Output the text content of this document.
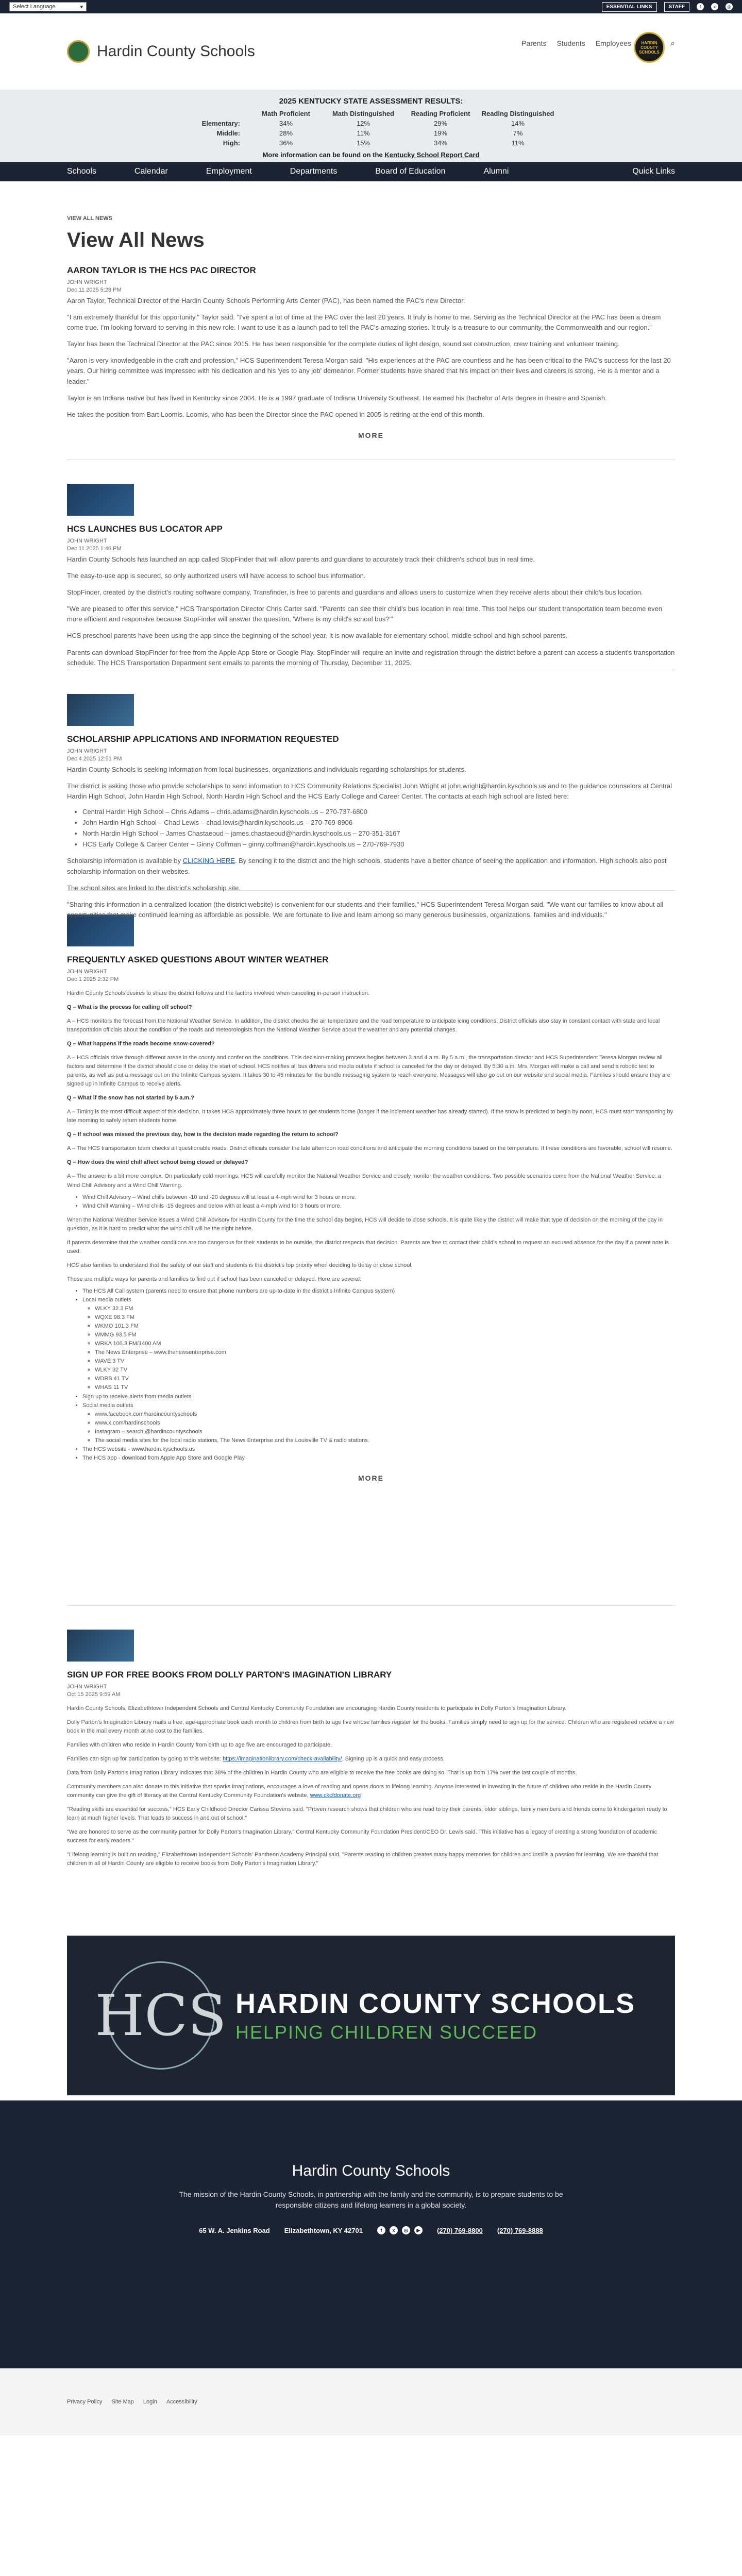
Select Language	▾	ESSENTIAL LINKS	STAFF	f	x	◎
Hardin County Schools	Parents Students Employees	HARDIN COUNTY SCHOOLS
⌕
2025 KENTUCKY STATE ASSESSMENT RESULTS:
	Math Proficient	Math Distinguished	Reading Proficient	Reading Distinguished
Elementary:	34%	12%	29%	14%
Middle:	28%	11%	19%	7%
High:	36%	15%	34%	11%
More information can be found on the Kentucky School Report Card
Schools	Calendar	Employment	Departments	Board of Education	Alumni	Quick Links
VIEW ALL NEWS
View All News
AARON TAYLOR IS THE HCS PAC DIRECTOR
JOHN WRIGHT
Dec 11 2025 5:28 PM
Aaron Taylor, Technical Director of the Hardin County Schools Performing Arts Center (PAC), has been named the PAC's new Director.
"I am extremely thankful for this opportunity," Taylor said. "I've spent a lot of time at the PAC over the last 20 years. It truly is home to me. Serving as the Technical Director at the PAC has been a dream come true. I'm looking forward to serving in this new role. I want to use it as a launch pad to tell the PAC's amazing stories. It truly is a treasure to our community, the Commonwealth and our region."
Taylor has been the Technical Director at the PAC since 2015. He has been responsible for the complete duties of light design, sound set construction, crew training and volunteer training.
"Aaron is very knowledgeable in the craft and profession," HCS Superintendent Teresa Morgan said. "His experiences at the PAC are countless and he has been critical to the PAC's success for the last 20 years. Our hiring committee was impressed with his dedication and his 'yes to any job' demeanor. Former students have shared that his impact on their lives and careers is strong. He is a mentor and a leader."
Taylor is an Indiana native but has lived in Kentucky since 2004. He is a 1997 graduate of Indiana University Southeast. He earned his Bachelor of Arts degree in theatre and Spanish.
He takes the position from Bart Loomis. Loomis, who has been the Director since the PAC opened in 2005 is retiring at the end of this month.
MORE
HCS LAUNCHES BUS LOCATOR APP
JOHN WRIGHT
Dec 11 2025 1:46 PM
Hardin County Schools has launched an app called StopFinder that will allow parents and guardians to accurately track their children's school bus in real time.
The easy-to-use app is secured, so only authorized users will have access to school bus information.
StopFinder, created by the district's routing software company, Transfinder, is free to parents and guardians and allows users to customize when they receive alerts about their child's bus location.
"We are pleased to offer this service," HCS Transportation Director Chris Carter said. "Parents can see their child's bus location in real time. This tool helps our student transportation team become even more efficient and responsive because StopFinder will answer the question, 'Where is my child's school bus?'"
HCS preschool parents have been using the app since the beginning of the school year. It is now available for elementary school, middle school and high school parents.
Parents can download StopFinder for free from the Apple App Store or Google Play. StopFinder will require an invite and registration through the district before a parent can access a student's transportation schedule. The HCS Transportation Department sent emails to parents the morning of Thursday, December 11, 2025.
SCHOLARSHIP APPLICATIONS AND INFORMATION REQUESTED
JOHN WRIGHT
Dec 4 2025 12:51 PM
Hardin County Schools is seeking information from local businesses, organizations and individuals regarding scholarships for students.
The district is asking those who provide scholarships to send information to HCS Community Relations Specialist John Wright at john.wright@hardin.kyschools.us and to the guidance counselors at Central Hardin High School, John Hardin High School, North Hardin High School and the HCS Early College and Career Center. The contacts at each high school are listed here:
• Central Hardin High School – Chris Adams – chris.adams@hardin.kyschools.us – 270-737-6800
• John Hardin High School – Chad Lewis – chad.lewis@hardin.kyschools.us – 270-769-8906
• North Hardin High School – James Chastaeoud – james.chastaeoud@hardin.kyschools.us – 270-351-3167
• HCS Early College & Career Center – Ginny Coffman – ginny.coffman@hardin.kyschools.us – 270-769-7930
Scholarship information is available by CLICKING HERE. By sending it to the district and the high schools, students have a better chance of seeing the application and information. High schools also post scholarship information on their websites.
The school sites are linked to the district's scholarship site.
"Sharing this information in a centralized location (the district website) is convenient for our students and their families," HCS Superintendent Teresa Morgan said. "We want our families to know about all opportunities that make continued learning as affordable as possible. We are fortunate to live and learn among so many generous businesses, organizations, families and individuals."
FREQUENTLY ASKED QUESTIONS ABOUT WINTER WEATHER
JOHN WRIGHT
Dec 1 2025 2:32 PM
Hardin County Schools desires to share the district follows and the factors involved when canceling in-person instruction.
Q – What is the process for calling off school?
A – HCS monitors the forecast from the National Weather Service. In addition, the district checks the air temperature and the road temperature to anticipate icing conditions. District officials also stay in constant contact with state and local transportation officials about the condition of the roads and meteorologists from the National Weather Service about the weather and any potential changes.
Q – What happens if the roads become snow-covered?
A – HCS officials drive through different areas in the county and confer on the conditions. This decision-making process begins between 3 and 4 a.m. By 5 a.m., the transportation director and HCS Superintendent Teresa Morgan review all factors and determine if the district should close or delay the start of school. HCS notifies all bus drivers and media outlets if school is canceled for the day or delayed. By 5:30 a.m. Mrs. Morgan will make a call and send a robotic text to parents, as well as put a message out on the Infinite Campus system. It takes 30 to 45 minutes for the bundle messaging system to reach everyone. Messages will also go out on our website and social media. Families should ensure they are signed up in Infinite Campus to receive alerts.
Q – What if the snow has not started by 5 a.m.?
A – Timing is the most difficult aspect of this decision. It takes HCS approximately three hours to get students home (longer if the inclement weather has already started). If the snow is predicted to begin by noon, HCS must start transporting by late morning to safely return students home.
Q – If school was missed the previous day, how is the decision made regarding the return to school?
A – The HCS transportation team checks all questionable roads. District officials consider the late afternoon road conditions and anticipate the morning conditions based on the temperature. If these conditions are favorable, school will resume.
Q – How does the wind chill affect school being closed or delayed?
A – The answer is a bit more complex. On particularly cold mornings, HCS will carefully monitor the National Weather Service and closely monitor the weather conditions. Two possible scenarios come from the National Weather Service: a Wind Chill Advisory and a Wind Chill Warning.
• Wind Chill Advisory – Wind chills between -10 and -20 degrees will at least a 4-mph wind for 3 hours or more.
• Wind Chill Warning – Wind chills -15 degrees and below with at least a 4-mph wind for 3 hours or more.
When the National Weather Service issues a Wind Chill Advisory for Hardin County for the time the school day begins, HCS will decide to close schools. It is quite likely the district will make that type of decision on the morning of the day in question, as it is hard to predict what the wind chill will be the night before.
If parents determine that the weather conditions are too dangerous for their students to be outside, the district respects that decision. Parents are free to contact their child's school to request an excused absence for the day if a parent note is used.
HCS also families to understand that the safety of our staff and students is the district's top priority when deciding to delay or close school.
These are multiple ways for parents and families to find out if school has been canceled or delayed. Here are several:
• The HCS All Call system (parents need to ensure that phone numbers are up-to-date in the district's Infinite Campus system)
• Local media outlets
◦ WLKY 32.3 FM
◦ WQXE 98.3 FM
◦ WKMO 101.3 FM
◦ WMMG 93.5 FM
◦ WRKA 106.3 FM/1400 AM
◦ The News Enterprise – www.thenewsenterprise.com
◦ WAVE 3 TV
◦ WLKY 32 TV
◦ WDRB 41 TV
◦ WHAS 11 TV
• Sign up to receive alerts from media outlets
• Social media outlets
◦ www.facebook.com/hardincountyschools
◦ www.x.com/hardinschools
◦ Instagram – search @hardincountyschools
◦ The social media sites for the local radio stations, The News Enterprise and the Louisville TV & radio stations.
• The HCS website - www.hardin.kyschools.us
• The HCS app - download from Apple App Store and Google Play
MORE
SIGN UP FOR FREE BOOKS FROM DOLLY PARTON'S IMAGINATION LIBRARY
JOHN WRIGHT
Oct 15 2025 9:59 AM
Hardin County Schools, Elizabethtown Independent Schools and Central Kentucky Community Foundation are encouraging Hardin County residents to participate in Dolly Parton's Imagination Library.
Dolly Parton's Imagination Library mails a free, age-appropriate book each month to children from birth to age five whose families register for the books. Families simply need to sign up for the service. Children who are registered receive a new book in the mail every month at no cost to the families.
Families with children who reside in Hardin County from birth up to age five are encouraged to participate.
Families can sign up for participation by going to this website: https://imaginationlibrary.com/check-availability/. Signing up is a quick and easy process.
Data from Dolly Parton's Imagination Library indicates that 38% of the children in Hardin County who are eligible to receive the free books are doing so. That is up from 17% over the last couple of months.
Community members can also donate to this initiative that sparks imaginations, encourages a love of reading and opens doors to lifelong learning. Anyone interested in investing in the future of children who reside in the Hardin County community can give the gift of literacy at the Central Kentucky Community Foundation's website, www.ckcfdonate.org
"Reading skills are essential for success," HCS Early Childhood Director Carissa Stevens said. "Proven research shows that children who are read to by their parents, older siblings, family members and friends come to kindergarten ready to learn at much higher levels. That leads to success in and out of school."
"We are honored to serve as the community partner for Dolly Parton's Imagination Library," Central Kentucky Community Foundation President/CEO Dr. Lewis said. "This initiative has a legacy of creating a strong foundation of academic success for early readers."
"Lifelong learning is built on reading," Elizabethtown Independent Schools' Pantheon Academy Principal said. "Parents reading to children creates many happy memories for children and instills a passion for learning. We are thankful that children in all of Hardin County are eligible to receive books from Dolly Parton's Imagination Library."
HCS HARDIN COUNTY SCHOOLS

HELPING CHILDREN SUCCEED

Hardin County Schools

The mission of the Hardin County Schools, in partnership with the family and the community, is to prepare students to be responsible citizens and lifelong learners in a global society.

65 W. A. Jenkins Road Elizabethtown, KY 42701	f	x	◎	▶	(270) 769-8800 (270) 769-8888
Privacy Policy Site Map Login Accessibility
